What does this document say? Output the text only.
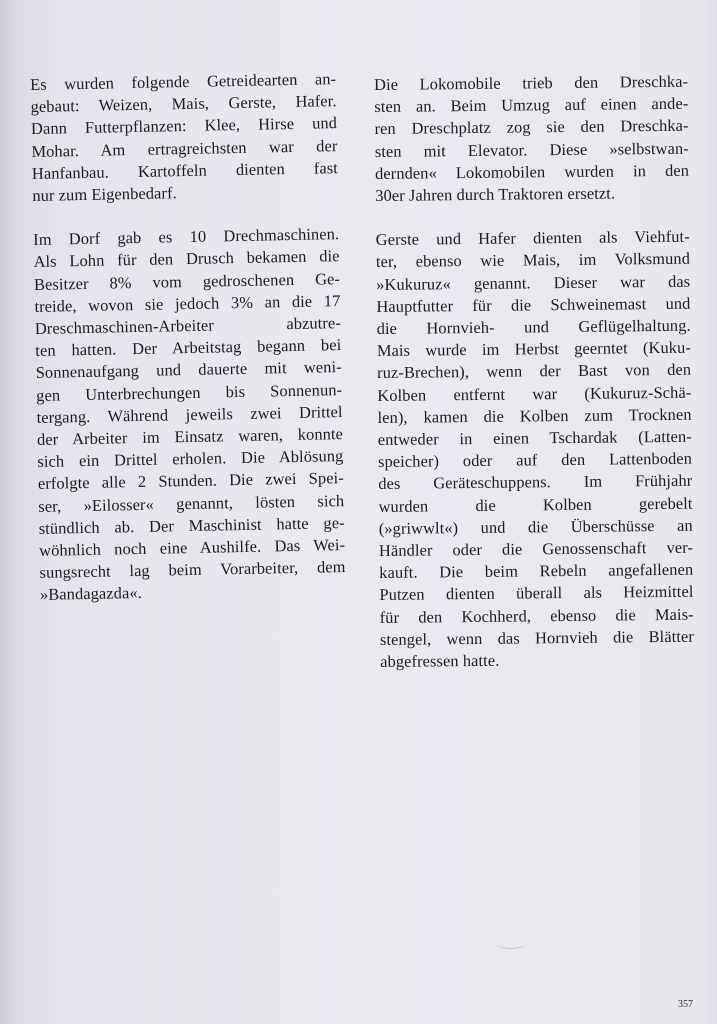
Es wurden folgende Getreidearten an-
gebaut: Weizen, Mais, Gerste, Hafer.
Dann Futterpflanzen: Klee, Hirse und
Mohar. Am ertragreichsten war der
Hanfanbau. Kartoffeln dienten fast
nur zum Eigenbedarf.
Im Dorf gab es 10 Drechmaschinen.
Als Lohn für den Drusch bekamen die
Besitzer 8% vom gedroschenen Ge-
treide, wovon sie jedoch 3% an die 17
Dreschmaschinen-Arbeiter abzutre-
ten hatten. Der Arbeitstag begann bei
Sonnenaufgang und dauerte mit weni-
gen Unterbrechungen bis Sonnenun-
tergang. Während jeweils zwei Drittel
der Arbeiter im Einsatz waren, konnte
sich ein Drittel erholen. Die Ablösung
erfolgte alle 2 Stunden. Die zwei Spei-
ser, »Eilosser« genannt, lösten sich
stündlich ab. Der Maschinist hatte ge-
wöhnlich noch eine Aushilfe. Das Wei-
sungsrecht lag beim Vorarbeiter, dem
»Bandagazda«.
Die Lokomobile trieb den Dreschka-
sten an. Beim Umzug auf einen ande-
ren Dreschplatz zog sie den Dreschka-
sten mit Elevator. Diese »selbstwan-
dernden« Lokomobilen wurden in den
30er Jahren durch Traktoren ersetzt.
Gerste und Hafer dienten als Viehfut-
ter, ebenso wie Mais, im Volksmund
»Kukuruz« genannt. Dieser war das
Hauptfutter für die Schweinemast und
die Hornvieh- und Geflügelhaltung.
Mais wurde im Herbst geerntet (Kuku-
ruz-Brechen), wenn der Bast von den
Kolben entfernt war (Kukuruz-Schä-
len), kamen die Kolben zum Trocknen
entweder in einen Tschardak (Latten-
speicher) oder auf den Lattenboden
des Geräteschuppens. Im Frühjahr
wurden die Kolben gerebelt
(»griwwlt«) und die Überschüsse an
Händler oder die Genossenschaft ver-
kauft. Die beim Rebeln angefallenen
Putzen dienten überall als Heizmittel
für den Kochherd, ebenso die Mais-
stengel, wenn das Hornvieh die Blätter
abgefressen hatte.
357
